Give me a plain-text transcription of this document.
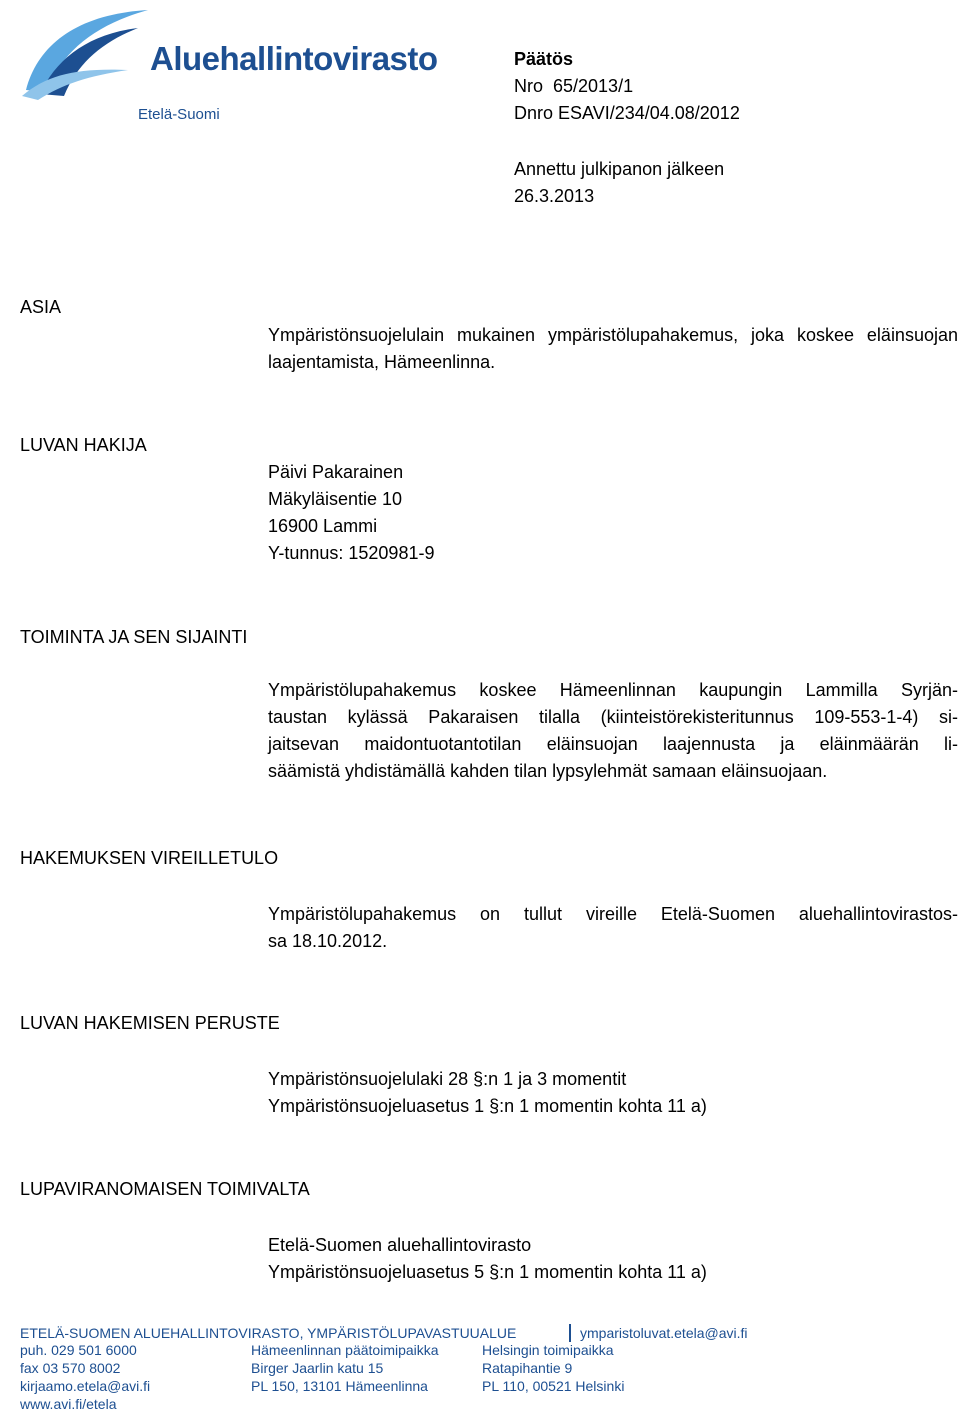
Aluehallintovirasto
Etelä-Suomi
Päätös
Nro  65/2013/1
Dnro ESAVI/234/04.08/2012
Annettu julkipanon jälkeen
26.3.2013
ASIA
Ympäristönsuojelulain mukainen ympäristölupahakemus, joka koskee eläinsuojan laajentamista, Hämeenlinna.
LUVAN HAKIJA
Päivi Pakarainen
Mäkyläisentie 10
16900 Lammi
Y-tunnus: 1520981-9
TOIMINTA JA SEN SIJAINTI
Ympäristölupahakemus koskee Hämeenlinnan kaupungin Lammilla Syrjän-
taustan kylässä Pakaraisen tilalla (kiinteistörekisteritunnus 109-553-1-4) si-
jaitsevan maidontuotantotilan eläinsuojan laajennusta ja eläinmäärän li-
säämistä yhdistämällä kahden tilan lypsylehmät samaan eläinsuojaan.
HAKEMUKSEN VIREILLETULO
Ympäristölupahakemus on tullut vireille Etelä-Suomen aluehallintovirastos-
sa 18.10.2012.
LUVAN HAKEMISEN PERUSTE
Ympäristönsuojelulaki 28 §:n 1 ja 3 momentit
Ympäristönsuojeluasetus 1 §:n 1 momentin kohta 11 a)
LUPAVIRANOMAISEN TOIMIVALTA
Etelä-Suomen aluehallintovirasto
Ympäristönsuojeluasetus 5 §:n 1 momentin kohta 11 a)
ETELÄ-SUOMEN ALUEHALLINTOVIRASTO, YMPÄRISTÖLUPAVASTUUALUE	ymparistoluvat.etela@avi.fi
puh. 029 501 6000
fax 03 570 8002
kirjaamo.etela@avi.fi
www.avi.fi/etela
Hämeenlinnan päätoimipaikka
Birger Jaarlin katu 15
PL 150, 13101 Hämeenlinna
Helsingin toimipaikka
Ratapihantie 9
PL 110, 00521 Helsinki
